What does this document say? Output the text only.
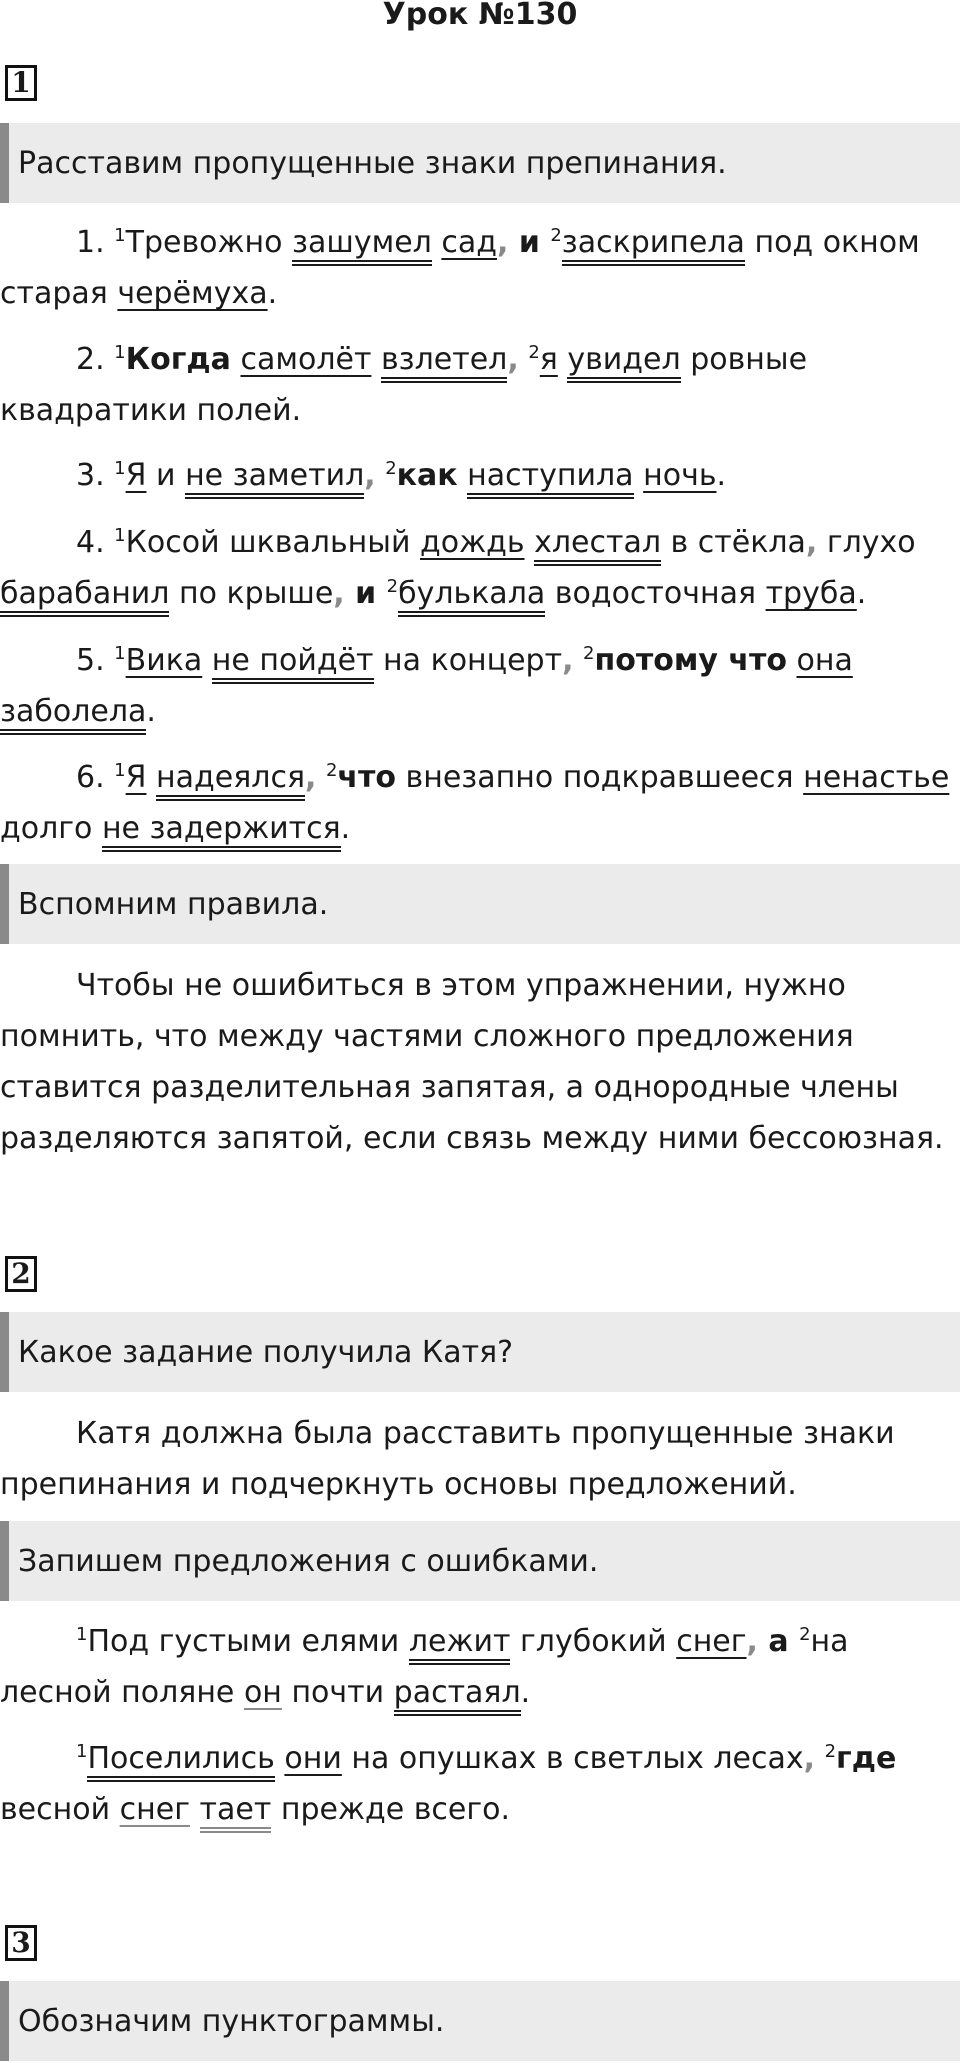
Урок №130
1
Расставим пропущенные знаки препинания.
1. $^1$Тревожно зашумел сад, и $^2$заскрипела под окном старая черёмуха.
2. $^1$Когда самолёт взлетел, $^2$я увидел ровные квадратики полей.
3. $^1$Я и не заметил, $^2$как наступила ночь.
4. $^1$Косой шквальный дождь хлестал в стёкла, глухо барабанил по крыше, и $^2$булькала водосточная труба.
5. $^1$Вика не пойдёт на концерт, $^2$потому что она заболела.
6. $^1$Я надеялся, $^2$что внезапно подкравшееся ненастье долго не задержится.
Вспомним правила.
Чтобы не ошибиться в этом упражнении, нужно помнить, что между частями сложного предложения ставится разделительная запятая, а однородные члены разделяются запятой, если связь между ними бессоюзная.
2
Какое задание получила Катя?
Катя должна была расставить пропущенные знаки препинания и подчеркнуть основы предложений.
Запишем предложения с ошибками.
$^1$Под густыми елями лежит глубокий снег, а $^2$на лесной поляне он почти растаял.
$^1$Поселились они на опушках в светлых лесах, $^2$где весной снег тает прежде всего.
3
Обозначим пунктограммы.
